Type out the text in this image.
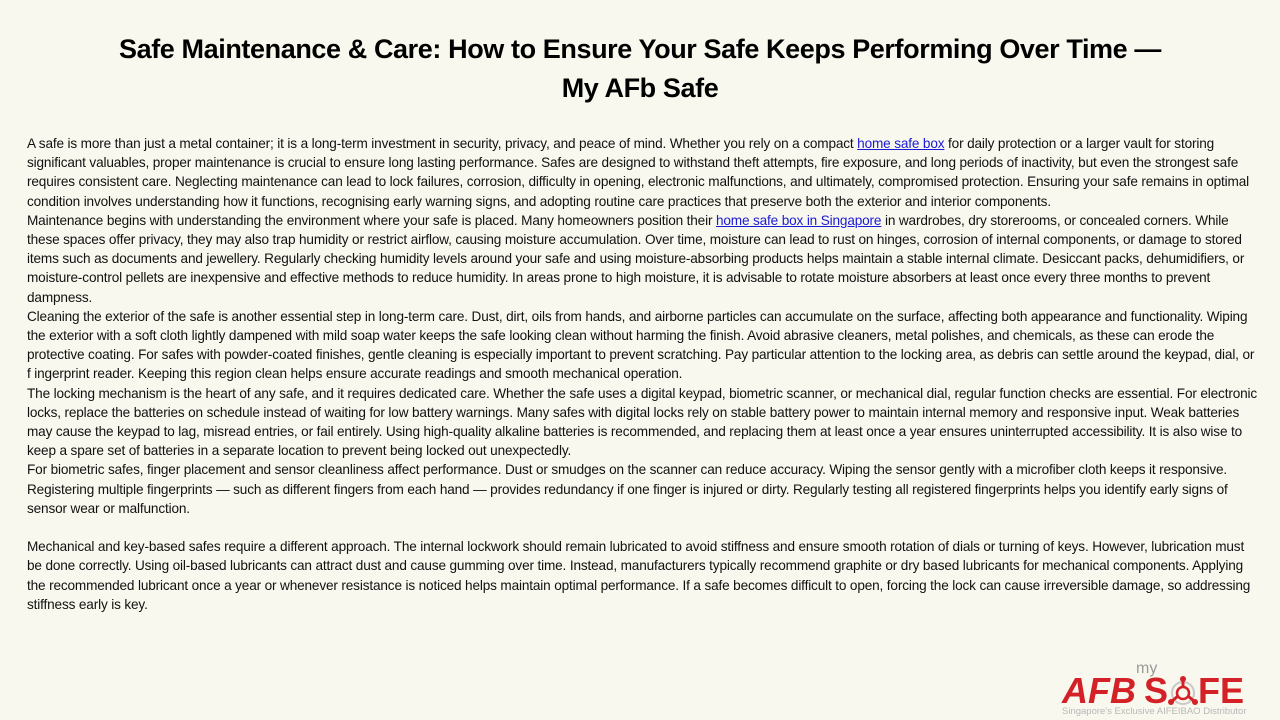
Safe Maintenance & Care: How to Ensure Your Safe Keeps Performing Over Time —
My AFb Safe

A safe is more than just a metal container; it is a long-term investment in security, privacy, and peace of mind. Whether you rely on a compact home safe box for daily protection or a larger vault for storing significant valuables, proper maintenance is crucial to ensure long lasting performance. Safes are designed to withstand theft attempts, fire exposure, and long periods of inactivity, but even the strongest safe requires consistent care. Neglecting maintenance can lead to lock failures, corrosion, difficulty in opening, electronic malfunctions, and ultimately, compromised protection. Ensuring your safe remains in optimal condition involves understanding how it functions, recognising early warning signs, and adopting routine care practices that preserve both the exterior and interior components.

Maintenance begins with understanding the environment where your safe is placed. Many homeowners position their home safe box in Singapore in wardrobes, dry storerooms, or concealed corners. While these spaces offer privacy, they may also trap humidity or restrict airflow, causing moisture accumulation. Over time, moisture can lead to rust on hinges, corrosion of internal components, or damage to stored items such as documents and jewellery. Regularly checking humidity levels around your safe and using moisture-absorbing products helps maintain a stable internal climate. Desiccant packs, dehumidifiers, or moisture-control pellets are inexpensive and effective methods to reduce humidity. In areas prone to high moisture, it is advisable to rotate moisture absorbers at least once every three months to prevent dampness.

Cleaning the exterior of the safe is another essential step in long-term care. Dust, dirt, oils from hands, and airborne particles can accumulate on the surface, affecting both appearance and functionality. Wiping the exterior with a soft cloth lightly dampened with mild soap water keeps the safe looking clean without harming the finish. Avoid abrasive cleaners, metal polishes, and chemicals, as these can erode the protective coating. For safes with powder-coated finishes, gentle cleaning is especially important to prevent scratching. Pay particular attention to the locking area, as debris can settle around the keypad, dial, or f ingerprint reader. Keeping this region clean helps ensure accurate readings and smooth mechanical operation.

The locking mechanism is the heart of any safe, and it requires dedicated care. Whether the safe uses a digital keypad, biometric scanner, or mechanical dial, regular function checks are essential. For electronic locks, replace the batteries on schedule instead of waiting for low battery warnings. Many safes with digital locks rely on stable battery power to maintain internal memory and responsive input. Weak batteries may cause the keypad to lag, misread entries, or fail entirely. Using high-quality alkaline batteries is recommended, and replacing them at least once a year ensures uninterrupted accessibility. It is also wise to keep a spare set of batteries in a separate location to prevent being locked out unexpectedly.

For biometric safes, finger placement and sensor cleanliness affect performance. Dust or smudges on the scanner can reduce accuracy. Wiping the sensor gently with a microfiber cloth keeps it responsive. Registering multiple fingerprints — such as different fingers from each hand — provides redundancy if one finger is injured or dirty. Regularly testing all registered fingerprints helps you identify early signs of sensor wear or malfunction.

Mechanical and key-based safes require a different approach. The internal lockwork should remain lubricated to avoid stiffness and ensure smooth rotation of dials or turning of keys. However, lubrication must be done correctly. Using oil-based lubricants can attract dust and cause gumming over time. Instead, manufacturers typically recommend graphite or dry based lubricants for mechanical components. Applying the recommended lubricant once a year or whenever resistance is noticed helps maintain optimal performance. If a safe becomes difficult to open, forcing the lock can cause irreversible damage, so addressing stiffness early is key.

my
AFB S FE
Singapore's Exclusive AIFEIBAO Distributor
